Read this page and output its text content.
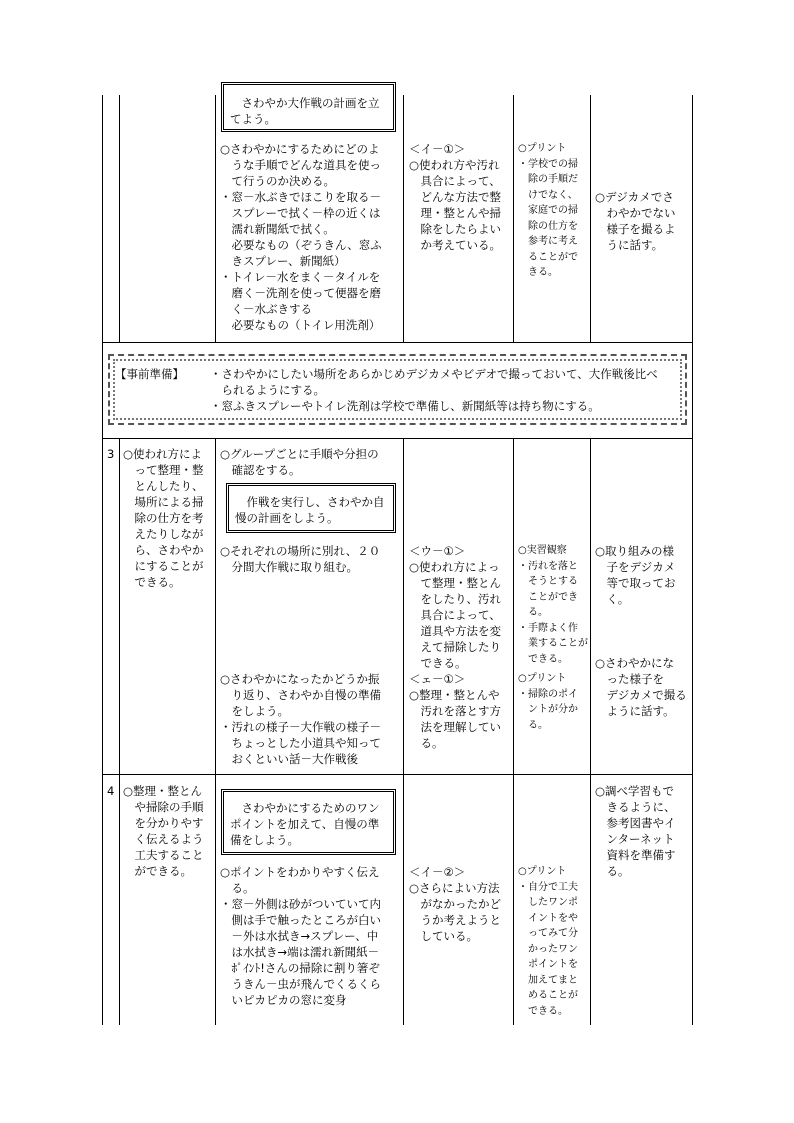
　さわやか大作戦の計画を立
てよう。
○さわやかにするためにどのよ
　うな手順でどんな道具を使っ
　て行うのか決める。
・窓－水ぶきでほこりを取る－
　スプレーで拭く－枠の近くは
　濡れ新聞紙で拭く。
　必要なもの（ぞうきん、窓ふ
　きスプレー、新聞紙）
・トイレ－水をまく－タイルを
　磨く－洗剤を使って便器を磨
　く－水ぶきする
　必要なもの（トイレ用洗剤）
＜イ－①＞
○使われ方や汚れ
　具合によって、
　どんな方法で整
　理・整とんや掃
　除をしたらよい
　か考えている。
○プリント
・学校での掃
　除の手順だ
　けでなく、
　家庭での掃
　除の仕方を
　参考に考え
　ることがで
　きる。
○デジカメでさ
　わやかでない
　様子を撮るよ
　うに話す。
【事前準備】 ・さわやかにしたい場所をあらかじめデジカメやビデオで撮っておいて、大作戦後比べ
　られるようにする。
・窓ふきスプレーやトイレ洗剤は学校で準備し、新聞紙等は持ち物にする。
3 ○使われ方によ
　って整理・整
　とんしたり、
　場所による掃
　除の仕方を考
　えたりしなが
　ら、さわやか
　にすることが
　できる。
○グループごとに手順や分担の
　確認をする。
　作戦を実行し、さわやか自
慢の計画をしよう。
○それぞれの場所に別れ、２０
　分間大作戦に取り組む。
○さわやかになったかどうか振
　り返り、さわやか自慢の準備
　をしよう。
・汚れの様子－大作戦の様子－
　ちょっとした小道具や知って
　おくといい話－大作戦後
＜ウ－①＞
○使われ方によっ
　て整理・整とん
　をしたり、汚れ
　具合によって、
　道具や方法を変
　えて掃除したり
　できる。
＜ェ－①＞
○整理・整とんや
　汚れを落とす方
　法を理解してい
　る。
○実習観察
・汚れを落と
　そうとする
　ことができ
　る。
・手際よく作
　業することが
　できる。
○プリント
・掃除のポイ
　ントが分か
　る。
○取り組みの様
　子をデジカメ
　等で取ってお
　く。
○さわやかにな
　った様子を
　デジカメで撮る
　ように話す。
4 ○整理・整とん
　や掃除の手順
　を分かりやす
　く伝えるよう
　工夫すること
　ができる。
　さわやかにするためのワン
ポイントを加えて、自慢の準
備をしよう。
○ポイントをわかりやすく伝え
　る。
・窓－外側は砂がついていて内
　側は手で触ったところが白い
　－外は水拭き→スプレー、中
　は水拭き→端は濡れ新聞紙－
　ﾎﾟｲﾝﾄ!さんの掃除に割り箸ぞ
　うきん－虫が飛んでくるくら
　いピカピカの窓に変身
＜イ－②＞
○さらによい方法
　がなかったかど
　うか考えようと
　している。
○プリント
・自分で工夫
　したワンポ
　イントをや
　ってみて分
　かったワン
　ポイントを
　加えてまと
　めることが
　できる。
○調べ学習もで
　きるように、
　参考図書やイ
　ンターネット
　資料を準備す
　る。
